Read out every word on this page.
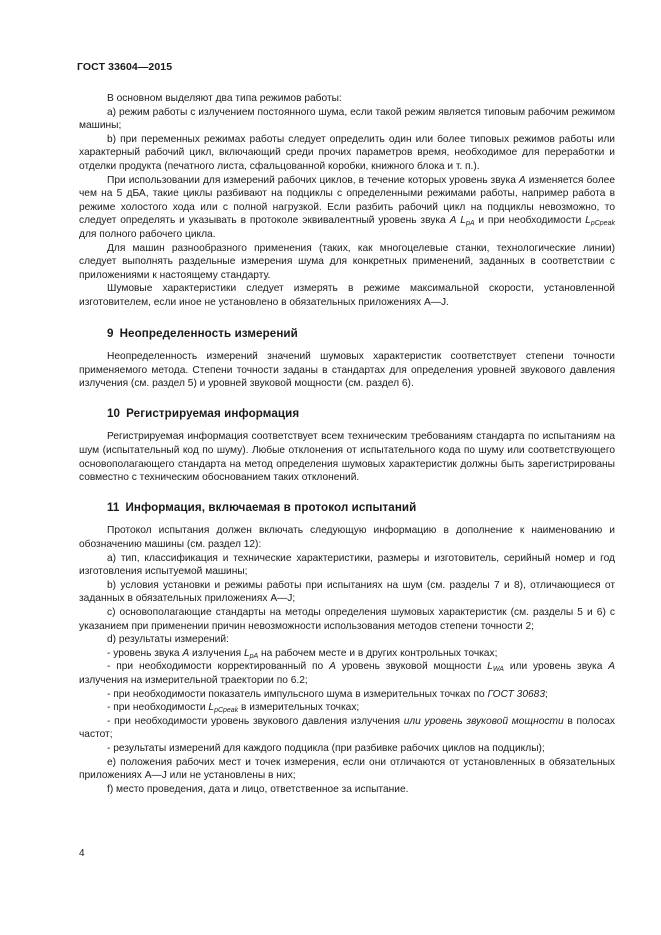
ГОСТ 33604—2015

В основном выделяют два типа режимов работы:

а) режим работы с излучением постоянного шума, если такой режим является типовым рабочим режимом машины;

b) при переменных режимах работы следует определить один или более типовых режимов работы или характерный рабочий цикл, включающий среди прочих параметров время, необходимое для переработки и отделки продукта (печатного листа, сфальцованной коробки, книжного блока и т. п.).

При использовании для измерений рабочих циклов, в течение которых уровень звука A изменяется более чем на 5 дБА, такие циклы разбивают на подциклы с определенными режимами работы, например работа в режиме холостого хода или с полной нагрузкой. Если разбить рабочий цикл на подциклы невозможно, то следует определять и указывать в протоколе эквивалентный уровень звука A $L_{pA}$ и при необходимости $L_{pCpeak}$ для полного рабочего цикла.

Для машин разнообразного применения (таких, как многоцелевые станки, технологические линии) следует выполнять раздельные измерения шума для конкретных применений, заданных в соответствии с приложениями к настоящему стандарту.

Шумовые характеристики следует измерять в режиме максимальной скорости, установленной изготовителем, если иное не установлено в обязательных приложениях А—J.

9 Неопределенность измерений

Неопределенность измерений значений шумовых характеристик соответствует степени точности применяемого метода. Степени точности заданы в стандартах для определения уровней звукового давления излучения (см. раздел 5) и уровней звуковой мощности (см. раздел 6).

10 Регистрируемая информация

Регистрируемая информация соответствует всем техническим требованиям стандарта по испытаниям на шум (испытательный код по шуму). Любые отклонения от испытательного кода по шуму или соответствующего основополагающего стандарта на метод определения шумовых характеристик должны быть зарегистрированы совместно с техническим обоснованием таких отклонений.

11 Информация, включаемая в протокол испытаний

Протокол испытания должен включать следующую информацию в дополнение к наименованию и обозначению машины (см. раздел 12):

а) тип, классификация и технические характеристики, размеры и изготовитель, серийный номер и год изготовления испытуемой машины;

b) условия установки и режимы работы при испытаниях на шум (см. разделы 7 и 8), отличающиеся от заданных в обязательных приложениях А—J;

c) основополагающие стандарты на методы определения шумовых характеристик (см. разделы 5 и 6) с указанием при применении причин невозможности использования методов степени точности 2;

d) результаты измерений:

- уровень звука A излучения $L_{pA}$ на рабочем месте и в других контрольных точках;

- при необходимости корректированный по A уровень звуковой мощности $L_{WA}$ или уровень звука A излучения на измерительной траектории по 6.2;

- при необходимости показатель импульсного шума в измерительных точках по ГОСТ 30683;

- при необходимости $L_{pCpeak}$ в измерительных точках;

- при необходимости уровень звукового давления излучения или уровень звуковой мощности в полосах частот;

- результаты измерений для каждого подцикла (при разбивке рабочих циклов на подциклы);

е) положения рабочих мест и точек измерения, если они отличаются от установленных в обязательных приложениях А—J или не установлены в них;

f) место проведения, дата и лицо, ответственное за испытание.

4
